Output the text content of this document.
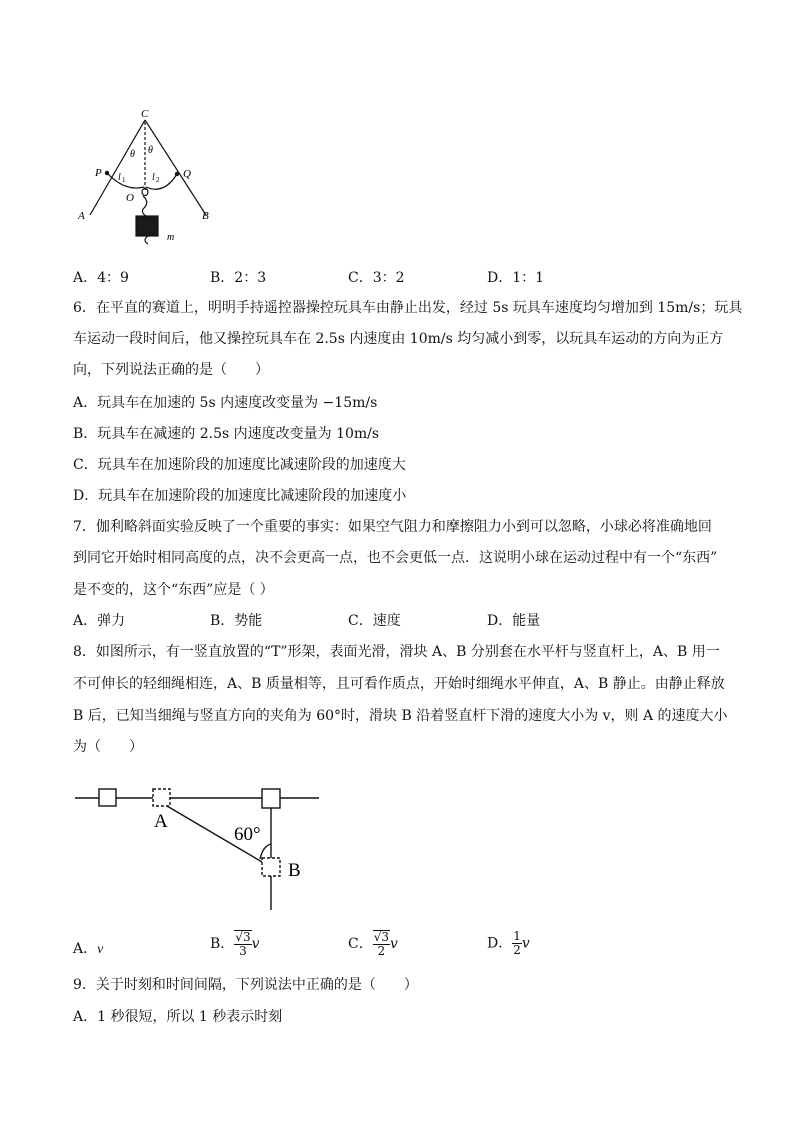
C
θ θ
P	Q
l 1	l 2
O
A	B
m
A．4：9	B．2：3	C．3：2	D．1：1
6．在平直的赛道上，明明手持遥控器操控玩具车由静止出发，经过 5s 玩具车速度均匀增加到 15m/s；玩具
车运动一段时间后，他又操控玩具车在 2.5s 内速度由 10m/s 均匀减小到零，以玩具车运动的方向为正方
向，下列说法正确的是（　　）
A．玩具车在加速的 5s 内速度改变量为 −15m/s
B．玩具车在减速的 2.5s 内速度改变量为 10m/s
C．玩具车在加速阶段的加速度比减速阶段的加速度大
D．玩具车在加速阶段的加速度比减速阶段的加速度小
7．伽利略斜面实验反映了一个重要的事实：如果空气阻力和摩擦阻力小到可以忽略，小球必将准确地回
到同它开始时相同高度的点，决不会更高一点，也不会更低一点．这说明小球在运动过程中有一个“东西”
是不变的，这个“东西”应是（ ）
A．弹力	B．势能	C．速度	D．能量
8．如图所示，有一竖直放置的“T”形架，表面光滑，滑块 A、B 分别套在水平杆与竖直杆上，A、B 用一
不可伸长的轻细绳相连，A、B 质量相等，且可看作质点，开始时细绳水平伸直，A、B 静止。由静止释放
B 后，已知当细绳与竖直方向的夹角为 60°时，滑块 B 沿着竖直杆下滑的速度大小为 v，则 A 的速度大小
为（　　）
A
60°
B
A．v	B． $\frac{√3}{3}$ v	C． $\frac{√3}{2}$ v	D． $\frac{1}{2}$ v
9．关于时刻和时间间隔，下列说法中正确的是（　　）
A．1 秒很短，所以 1 秒表示时刻
